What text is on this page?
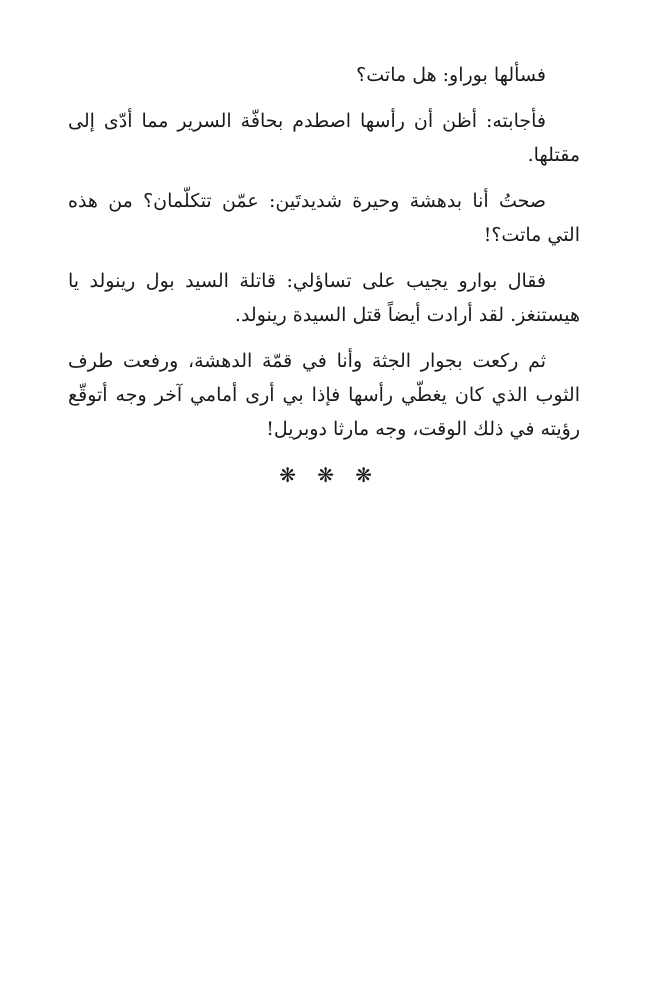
فسألها بوراو: هل ماتت؟

فأجابته: أظن أن رأسها اصطدم بحافّة السرير مما أدّى إلى مقتلها.

صحتُ أنا بدهشة وحيرة شديدتَين: عمّن تتكلّمان؟ من هذه التي ماتت؟!

فقال بوارو يجيب على تساؤلي: قاتلة السيد بول رينولد يا هيستنغز. لقد أرادت أيضاً قتل السيدة رينولد.

ثم ركعت بجوار الجثة وأنا في قمّة الدهشة، ورفعت طرف الثوب الذي كان يغطّي رأسها فإذا بي أرى أمامي آخر وجه أتوقّع رؤيته في ذلك الوقت، وجه مارثا دوبريل!

❋ ❋ ❋
